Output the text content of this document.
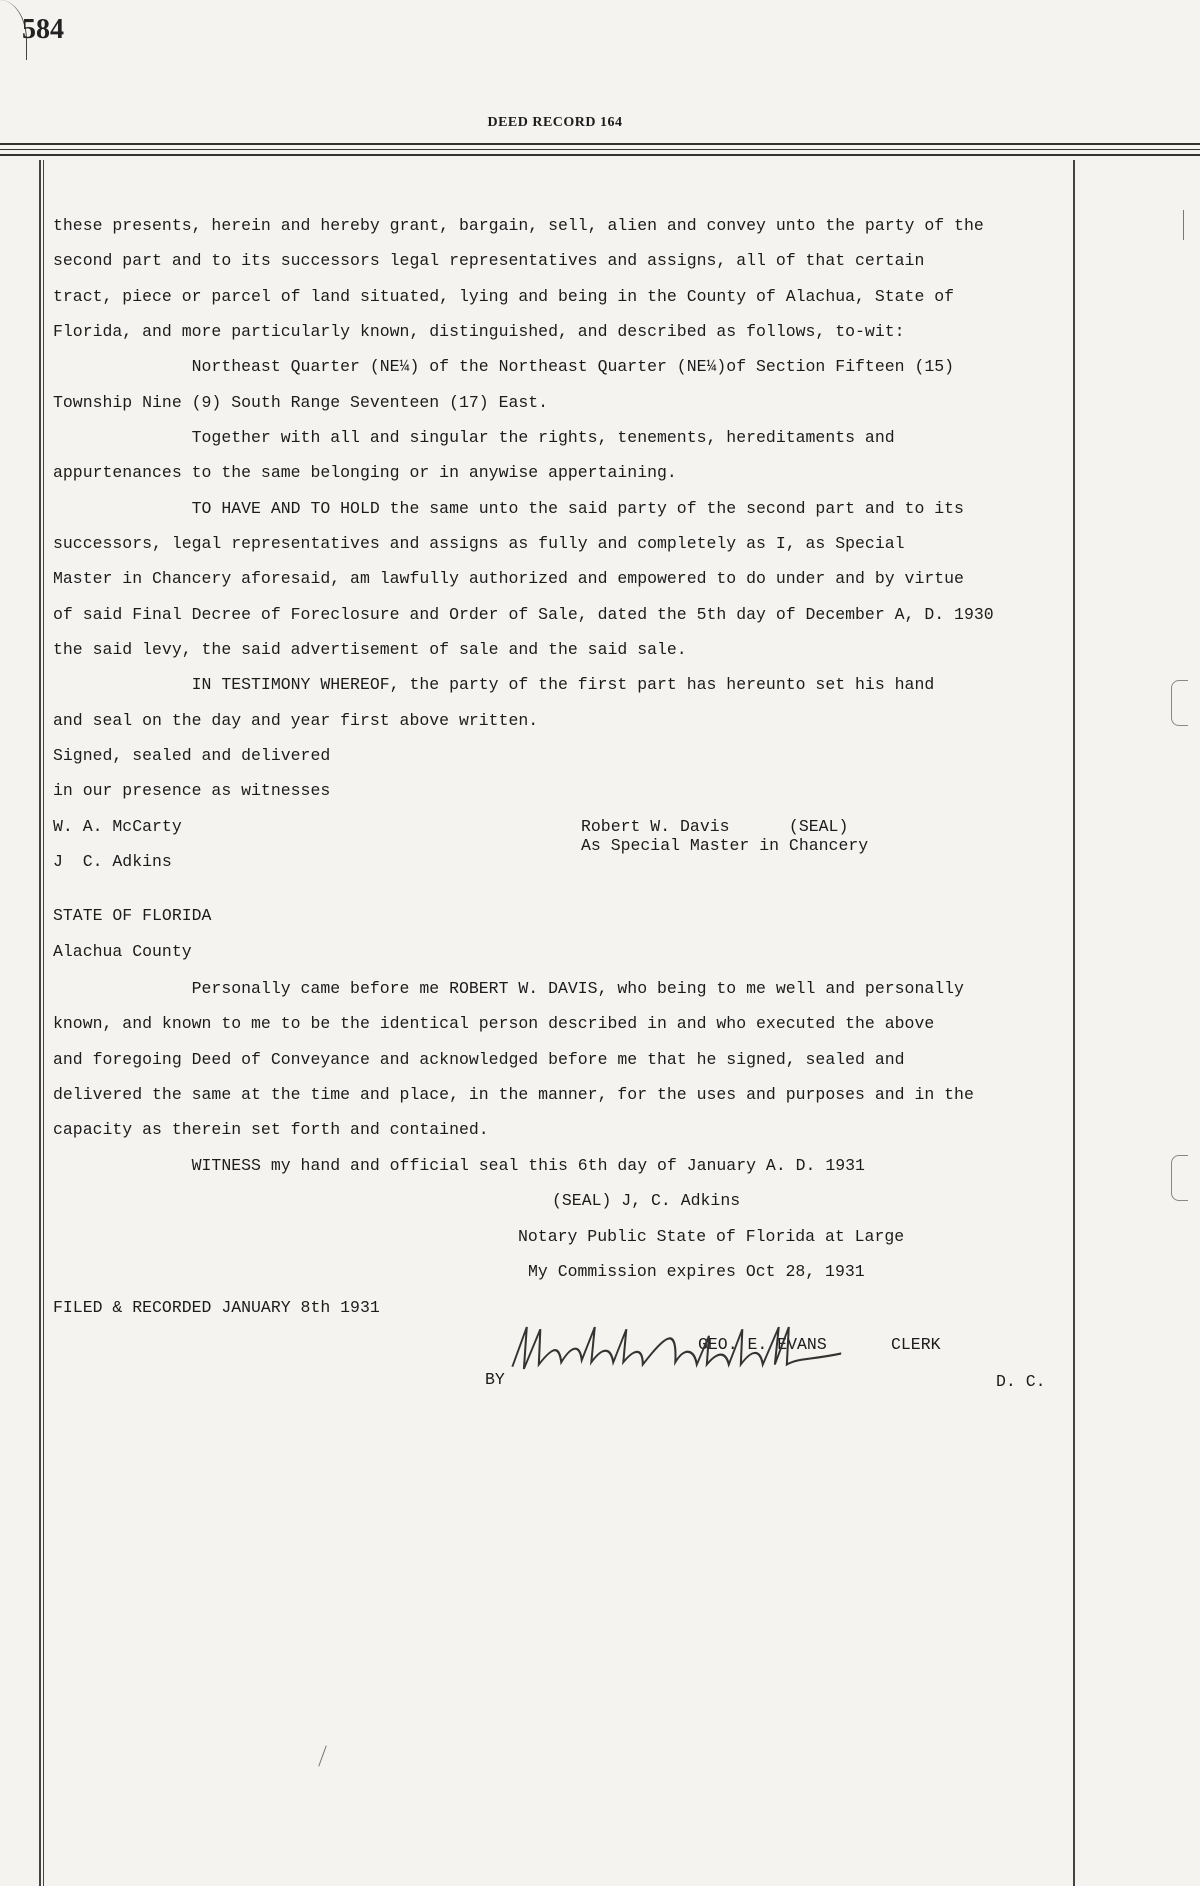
584
DEED RECORD 164
these presents, herein and hereby grant, bargain, sell, alien and convey unto the party of the
second part and to its successors legal representatives and assigns, all of that certain
tract, piece or parcel of land situated, lying and being in the County of Alachua, State of
Florida, and more particularly known, distinguished, and described as follows, to-wit:
Northeast Quarter (NE¼) of the Northeast Quarter (NE¼)of Section Fifteen (15)
Township Nine (9) South Range Seventeen (17) East.
Together with all and singular the rights, tenements, hereditaments and
appurtenances to the same belonging or in anywise appertaining.
TO HAVE AND TO HOLD the same unto the said party of the second part and to its
successors, legal representatives and assigns as fully and completely as I, as Special
Master in Chancery aforesaid, am lawfully authorized and empowered to do under and by virtue
of said Final Decree of Foreclosure and Order of Sale, dated the 5th day of December A, D. 1930
the said levy, the said advertisement of sale and the said sale.
IN TESTIMONY WHEREOF, the party of the first part has hereunto set his hand
and seal on the day and year first above written.
Signed, sealed and delivered
in our presence as witnesses
W. A. McCarty
J  C. Adkins
Robert W. Davis      (SEAL)
As Special Master in Chancery
STATE OF FLORIDA
Alachua County
Personally came before me ROBERT W. DAVIS, who being to me well and personally
known, and known to me to be the identical person described in and who executed the above
and foregoing Deed of Conveyance and acknowledged before me that he signed, sealed and
delivered the same at the time and place, in the manner, for the uses and purposes and in the
capacity as therein set forth and contained.
WITNESS my hand and official seal this 6th day of January A. D. 1931
(SEAL) J, C. Adkins
Notary Public State of Florida at Large
My Commission expires Oct 28, 1931
FILED & RECORDED JANUARY 8th 1931
GEO. E. EVANS	CLERK
BY	D. C.
